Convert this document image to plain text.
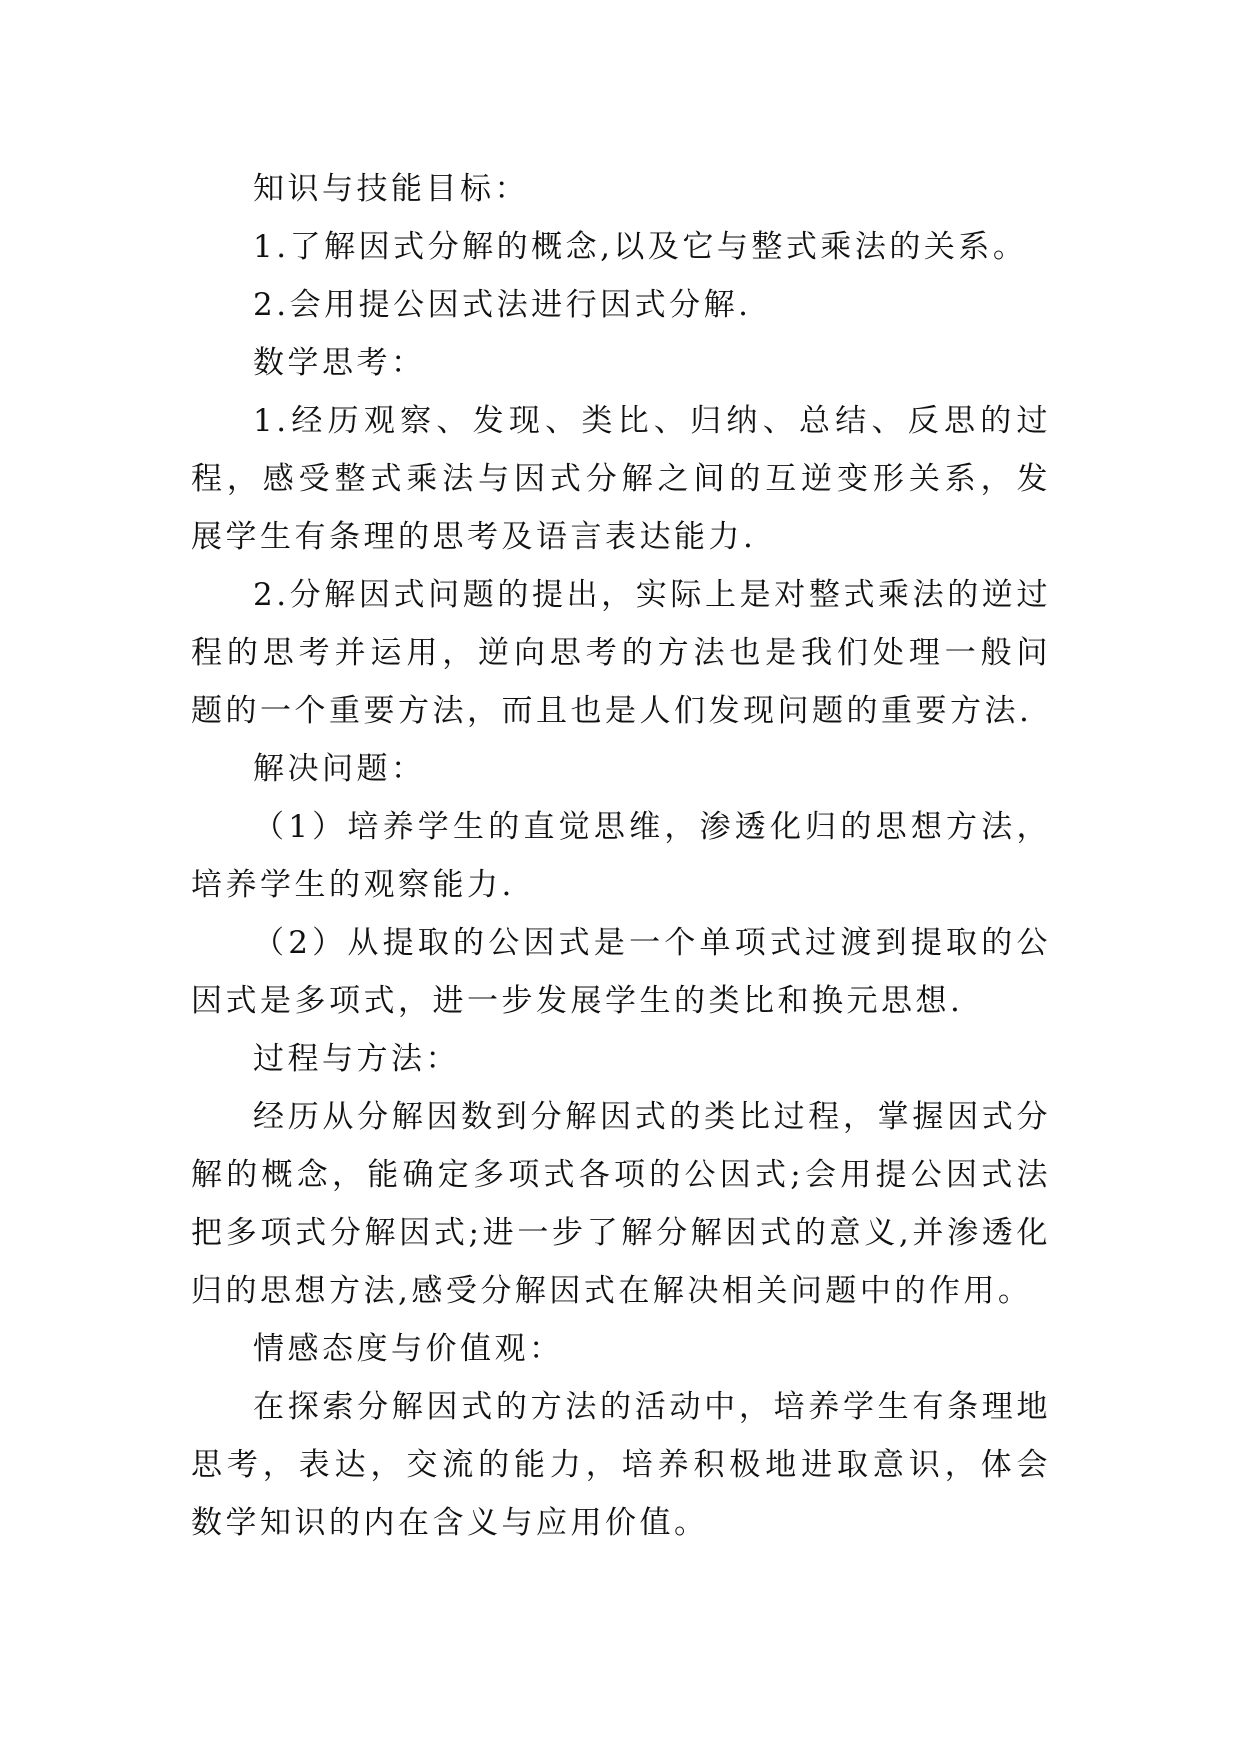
知识与技能目标：

1.了解因式分解的概念,以及它与整式乘法的关系。

2.会用提公因式法进行因式分解.

数学思考：

1.经历观察、发现、类比、归纳、总结、反思的过程，感受整式乘法与因式分解之间的互逆变形关系，发展学生有条理的思考及语言表达能力.

2.分解因式问题的提出，实际上是对整式乘法的逆过程的思考并运用，逆向思考的方法也是我们处理一般问题的一个重要方法，而且也是人们发现问题的重要方法.

解决问题：

（1）培养学生的直觉思维，渗透化归的思想方法，培养学生的观察能力.

（2）从提取的公因式是一个单项式过渡到提取的公因式是多项式，进一步发展学生的类比和换元思想.

过程与方法：

经历从分解因数到分解因式的类比过程，掌握因式分解的概念，能确定多项式各项的公因式;会用提公因式法把多项式分解因式;进一步了解分解因式的意义,并渗透化归的思想方法,感受分解因式在解决相关问题中的作用。

情感态度与价值观：

在探索分解因式的方法的活动中，培养学生有条理地思考，表达，交流的能力，培养积极地进取意识，体会数学知识的内在含义与应用价值。
